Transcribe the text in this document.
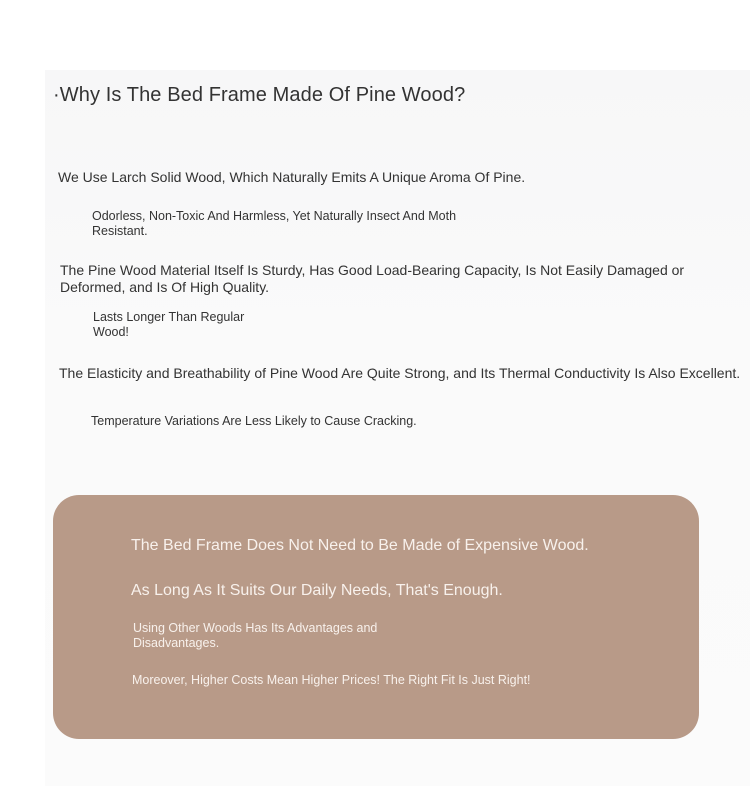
·Why Is The Bed Frame Made Of Pine Wood?

We Use Larch Solid Wood, Which Naturally Emits A Unique Aroma Of Pine.

Odorless, Non-Toxic And Harmless, Yet Naturally Insect And Moth Resistant.

The Pine Wood Material Itself Is Sturdy, Has Good Load-Bearing Capacity, Is Not Easily Damaged or Deformed, and Is Of High Quality.

Lasts Longer Than Regular Wood!

The Elasticity and Breathability of Pine Wood Are Quite Strong, and Its Thermal Conductivity Is Also Excellent.

Temperature Variations Are Less Likely to Cause Cracking.

The Bed Frame Does Not Need to Be Made of Expensive Wood.

As Long As It Suits Our Daily Needs, That's Enough.

Using Other Woods Has Its Advantages and Disadvantages.

Moreover, Higher Costs Mean Higher Prices! The Right Fit Is Just Right!
